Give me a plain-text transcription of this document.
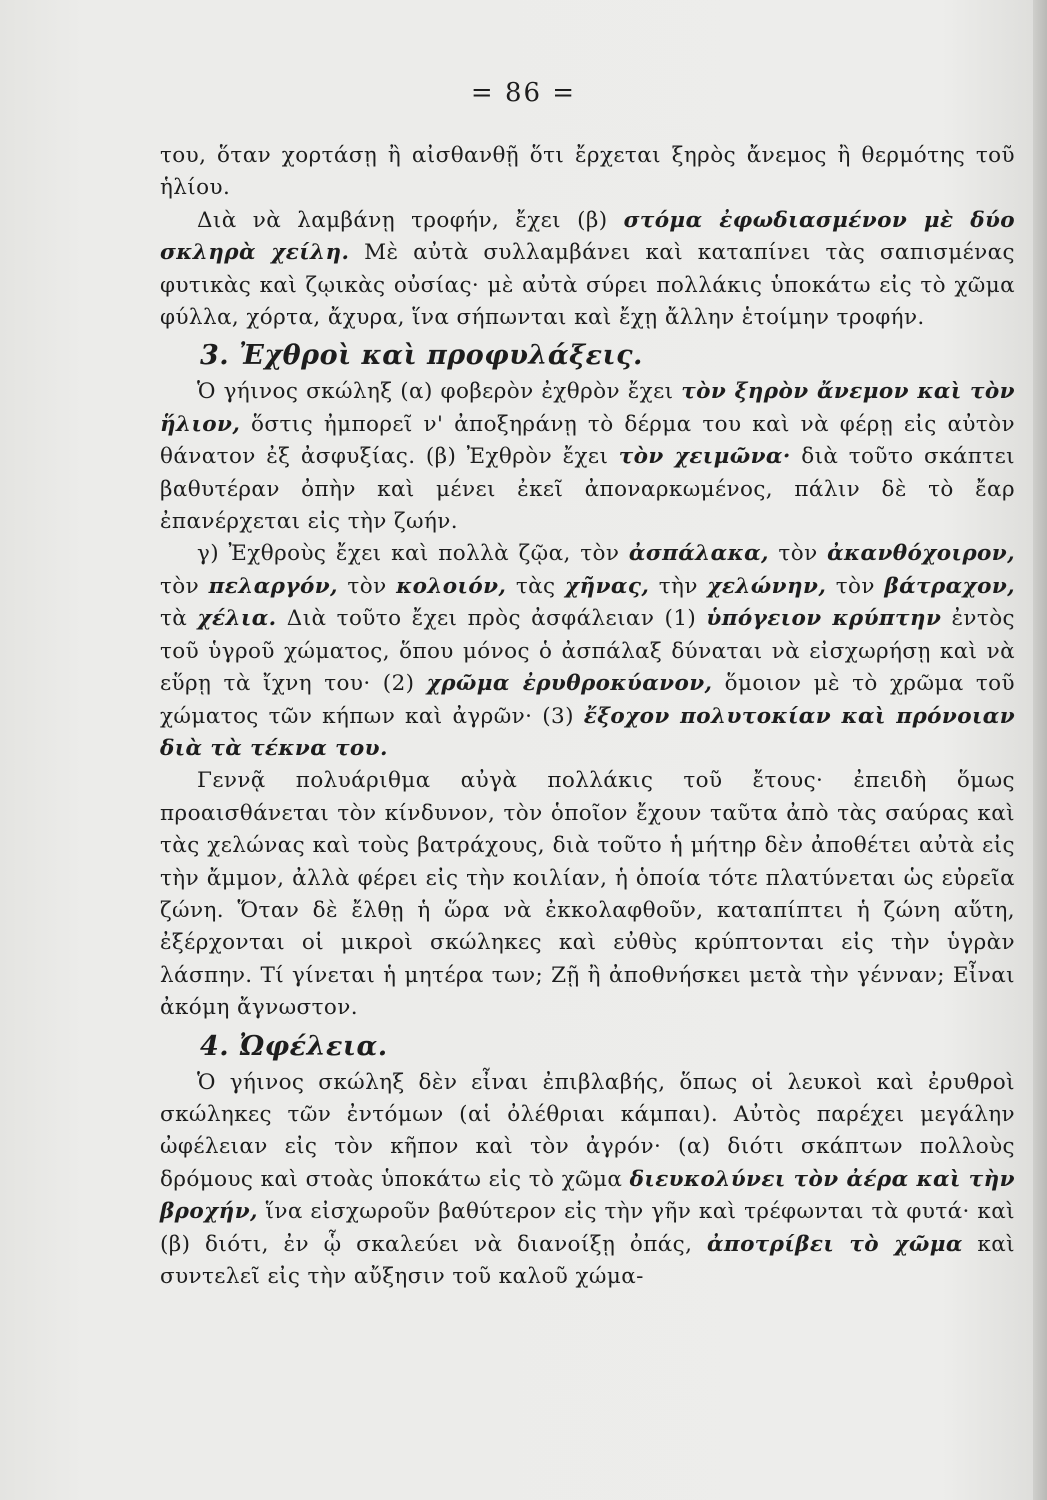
= 86 =

του, ὅταν χορτάσῃ ἢ αἰσθανθῇ ὅτι ἔρχεται ξηρὸς ἄνεμος ἢ θερμότης τοῦ ἡλίου.

Διὰ νὰ λαμβάνῃ τροφήν, ἔχει (β) στόμα ἐφωδιασμένον μὲ δύο σκληρὰ χείλη. Μὲ αὐτὰ συλλαμβάνει καὶ καταπίνει τὰς σαπισμένας φυτικὰς καὶ ζῳικὰς οὐσίας· μὲ αὐτὰ σύρει πολλάκις ὑποκάτω εἰς τὸ χῶμα φύλλα, χόρτα, ἄχυρα, ἵνα σήπωνται καὶ ἔχῃ ἄλλην ἑτοίμην τροφήν.

3. Ἐχθροὶ καὶ προφυλάξεις.

Ὁ γήινος σκώληξ (α) φοβερὸν ἐχθρὸν ἔχει τὸν ξηρὸν ἄνεμον καὶ τὸν ἥλιον, ὅστις ἠμπορεῖ ν' ἀποξηράνῃ τὸ δέρμα του καὶ νὰ φέρῃ εἰς αὐτὸν θάνατον ἐξ ἀσφυξίας. (β) Ἐχθρὸν ἔχει τὸν χειμῶνα· διὰ τοῦτο σκάπτει βαθυτέραν ὀπὴν καὶ μένει ἐκεῖ ἀποναρκωμένος, πάλιν δὲ τὸ ἔαρ ἐπανέρχεται εἰς τὴν ζωήν.

γ) Ἐχθροὺς ἔχει καὶ πολλὰ ζῷα, τὸν ἀσπάλακα, τὸν ἀκανθόχοιρον, τὸν πελαργόν, τὸν κολοιόν, τὰς χῆνας, τὴν χελώνην, τὸν βάτραχον, τὰ χέλια. Διὰ τοῦτο ἔχει πρὸς ἀσφάλειαν (1) ὑπόγειον κρύπτην ἐντὸς τοῦ ὑγροῦ χώματος, ὅπου μόνος ὁ ἀσπάλαξ δύναται νὰ εἰσχωρήσῃ καὶ νὰ εὕρῃ τὰ ἴχνη του· (2) χρῶμα ἐρυθροκύανον, ὅμοιον μὲ τὸ χρῶμα τοῦ χώματος τῶν κήπων καὶ ἀγρῶν· (3) ἔξοχον πολυτοκίαν καὶ πρόνοιαν διὰ τὰ τέκνα του.

Γεννᾷ πολυάριθμα αὐγὰ πολλάκις τοῦ ἔτους· ἐπειδὴ ὅμως προαισθάνεται τὸν κίνδυνον, τὸν ὁποῖον ἔχουν ταῦτα ἀπὸ τὰς σαύρας καὶ τὰς χελώνας καὶ τοὺς βατράχους, διὰ τοῦτο ἡ μήτηρ δὲν ἀποθέτει αὐτὰ εἰς τὴν ἄμμον, ἀλλὰ φέρει εἰς τὴν κοιλίαν, ἡ ὁποία τότε πλατύνεται ὡς εὐρεῖα ζώνη. Ὅταν δὲ ἔλθῃ ἡ ὥρα νὰ ἐκκολαφθοῦν, καταπίπτει ἡ ζώνη αὕτη, ἐξέρχονται οἱ μικροὶ σκώληκες καὶ εὐθὺς κρύπτονται εἰς τὴν ὑγρὰν λάσπην. Τί γίνεται ἡ μητέρα των; Ζῇ ἢ ἀποθνήσκει μετὰ τὴν γένναν; Εἶναι ἀκόμη ἄγνωστον.

4. Ὠφέλεια.

Ὁ γήινος σκώληξ δὲν εἶναι ἐπιβλαβής, ὅπως οἱ λευκοὶ καὶ ἐρυθροὶ σκώληκες τῶν ἐντόμων (αἱ ὀλέθριαι κάμπαι). Αὐτὸς παρέχει μεγάλην ὠφέλειαν εἰς τὸν κῆπον καὶ τὸν ἀγρόν· (α) διότι σκάπτων πολλοὺς δρόμους καὶ στοὰς ὑποκάτω εἰς τὸ χῶμα διευκολύνει τὸν ἀέρα καὶ τὴν βροχήν, ἵνα εἰσχωροῦν βαθύτερον εἰς τὴν γῆν καὶ τρέφωνται τὰ φυτά· καὶ (β) διότι, ἐν ᾧ σκαλεύει νὰ διανοίξῃ ὀπάς, ἀποτρίβει τὸ χῶμα καὶ συντελεῖ εἰς τὴν αὔξησιν τοῦ καλοῦ χώμα-
